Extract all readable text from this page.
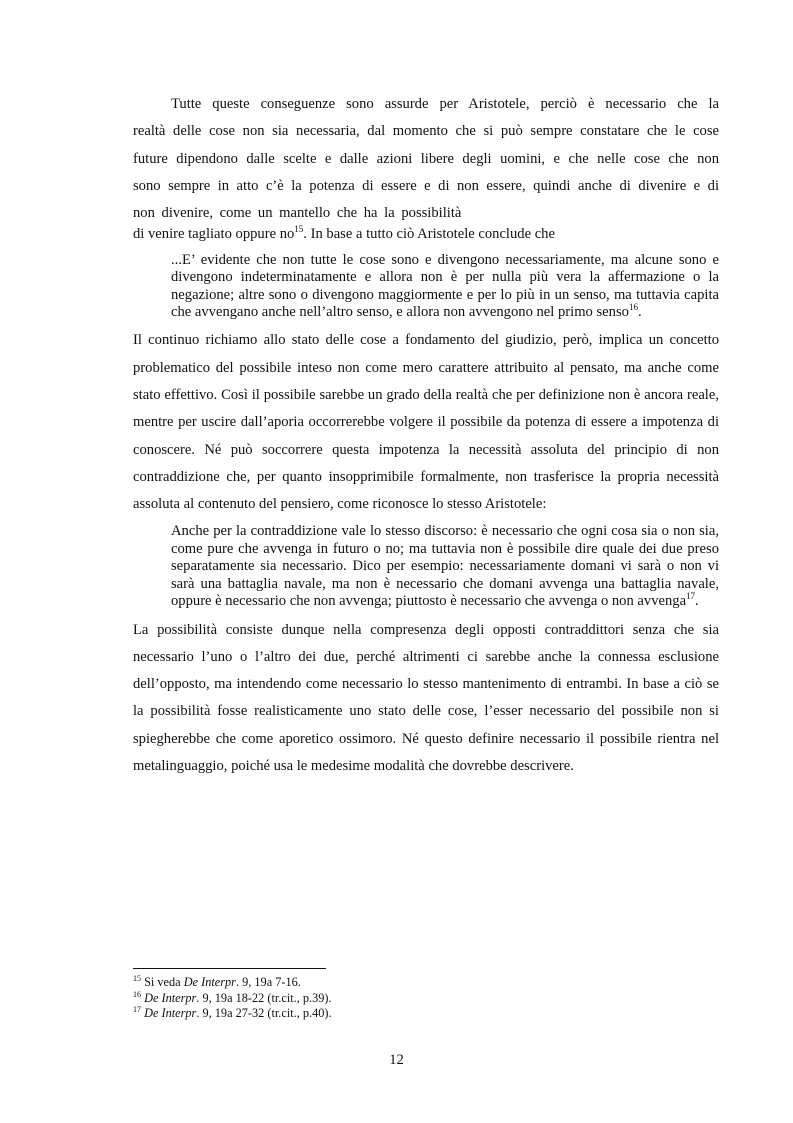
Tutte queste conseguenze sono assurde per Aristotele, perciò è necessario che la
realtà delle cose non sia necessaria, dal momento che si può sempre constatare che le cose
future dipendono dalle scelte e dalle azioni libere degli uomini, e che nelle cose che non
sono sempre in atto c’è la potenza di essere e di non essere, quindi anche di divenire e di
non divenire, come un mantello che ha la possibilità

di venire tagliato oppure no$^{15}$. In base a tutto ciò Aristotele conclude che

...E’ evidente che non tutte le cose sono e divengono necessariamente, ma alcune sono e divengono indeterminatamente e allora non è per nulla più vera la affermazione o la negazione; altre sono o divengono maggiormente e per lo più in un senso, ma tuttavia capita che avvengano anche nell’altro senso, e allora non avvengono nel primo senso$^{16}$.

Il continuo richiamo allo stato delle cose a fondamento del giudizio, però, implica un concetto problematico del possibile inteso non come mero carattere attribuito al pensato, ma anche come stato effettivo. Così il possibile sarebbe un grado della realtà che per definizione non è ancora reale, mentre per uscire dall’aporia occorrerebbe volgere il possibile da potenza di essere a impotenza di conoscere. Né può soccorrere questa impotenza la necessità assoluta del principio di non contraddizione che, per quanto insopprimibile formalmente, non trasferisce la propria necessità assoluta al contenuto del pensiero, come riconosce lo stesso Aristotele:

Anche per la contraddizione vale lo stesso discorso: è necessario che ogni cosa sia o non sia, come pure che avvenga in futuro o no; ma tuttavia non è possibile dire quale dei due preso separatamente sia necessario. Dico per esempio: necessariamente domani vi sarà o non vi sarà una battaglia navale, ma non è necessario che domani avvenga una battaglia navale, oppure è necessario che non avvenga; piuttosto è necessario che avvenga o non avvenga$^{17}$.

La possibilità consiste dunque nella compresenza degli opposti contraddittori senza che sia necessario l’uno o l’altro dei due, perché altrimenti ci sarebbe anche la connessa esclusione dell’opposto, ma intendendo come necessario lo stesso mantenimento di entrambi. In base a ciò se la possibilità fosse realisticamente uno stato delle cose, l’esser necessario del possibile non si spiegherebbe che come aporetico ossimoro. Né questo definire necessario il possibile rientra nel metalinguaggio, poiché usa le medesime modalità che dovrebbe descrivere.

$^{15}$ Si veda De Interpr. 9, 19a 7-16.
$^{16}$ De Interpr. 9, 19a 18-22 (tr.cit., p.39).
$^{17}$ De Interpr. 9, 19a 27-32 (tr.cit., p.40).
12
